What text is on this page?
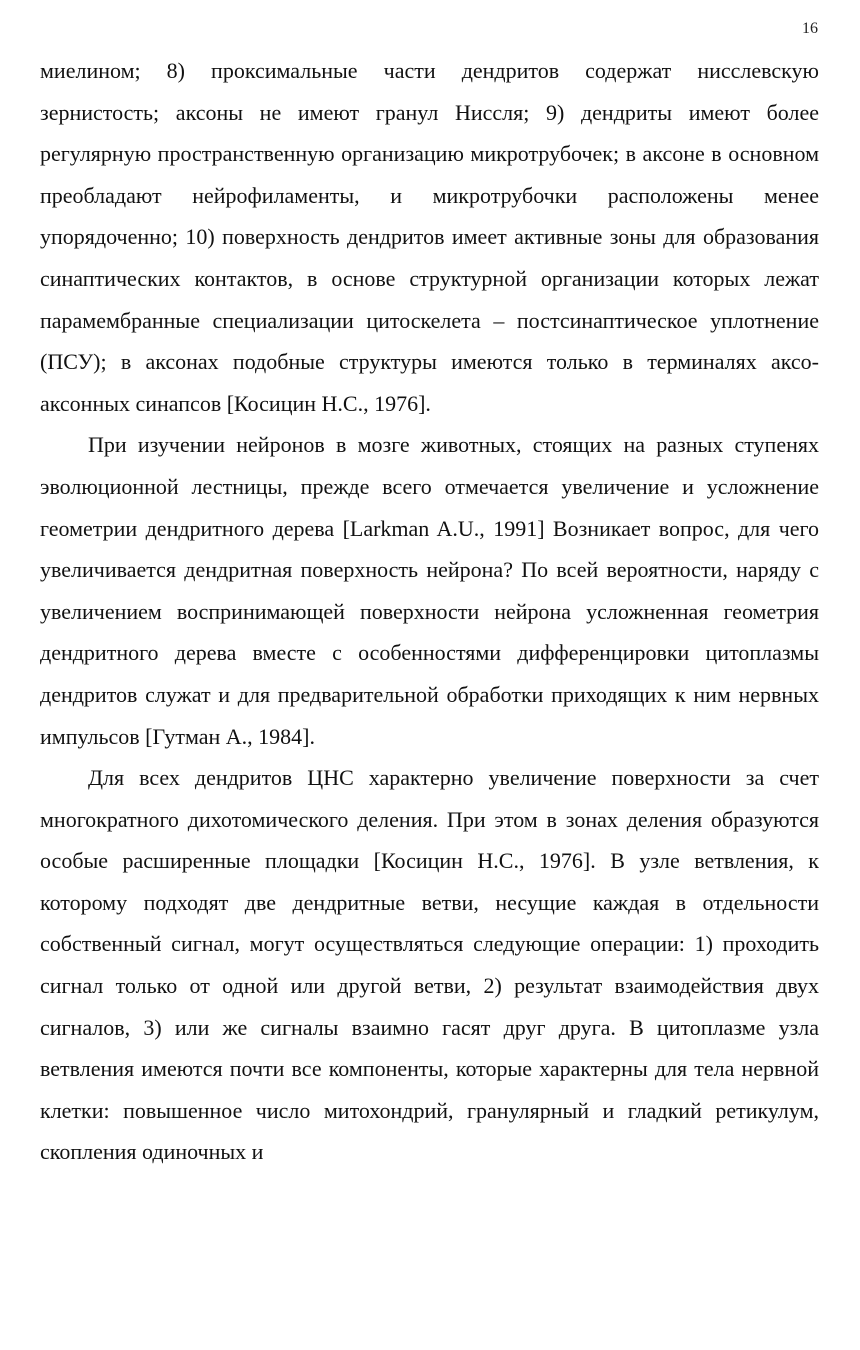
16

миелином; 8) проксимальные части дендритов содержат нисслевскую зернистость; аксоны не имеют гранул Ниссля; 9) дендриты имеют более регулярную пространственную организацию микротрубочек; в аксоне в основном преобладают нейрофиламенты, и микротрубочки расположены менее упорядоченно; 10) поверхность дендритов имеет активные зоны для образования синаптических контактов, в основе структурной организации которых лежат парамембранные специализации цитоскелета – постсинаптическое уплотнение (ПСУ); в аксонах подобные структуры имеются только в терминалях аксо-аксонных синапсов [Косицин Н.С., 1976].

При изучении нейронов в мозге животных, стоящих на разных ступенях эволюционной лестницы, прежде всего отмечается увеличение и усложнение геометрии дендритного дерева [Larkman A.U., 1991] Возникает вопрос, для чего увеличивается дендритная поверхность нейрона? По всей вероятности, наряду с увеличением воспринимающей поверхности нейрона усложненная геометрия дендритного дерева вместе с особенностями дифференцировки цитоплазмы дендритов служат и для предварительной обработки приходящих к ним нервных импульсов [Гутман А., 1984].

Для всех дендритов ЦНС характерно увеличение поверхности за счет многократного дихотомического деления. При этом в зонах деления образуются особые расширенные площадки [Косицин Н.С., 1976]. В узле ветвления, к которому подходят две дендритные ветви, несущие каждая в отдельности собственный сигнал, могут осуществляться следующие операции: 1) проходить сигнал только от одной или другой ветви, 2) результат взаимодействия двух сигналов, 3) или же сигналы взаимно гасят друг друга. В цитоплазме узла ветвления имеются почти все компоненты, которые характерны для тела нервной клетки: повышенное число митохондрий, гранулярный и гладкий ретикулум, скопления одиночных и
